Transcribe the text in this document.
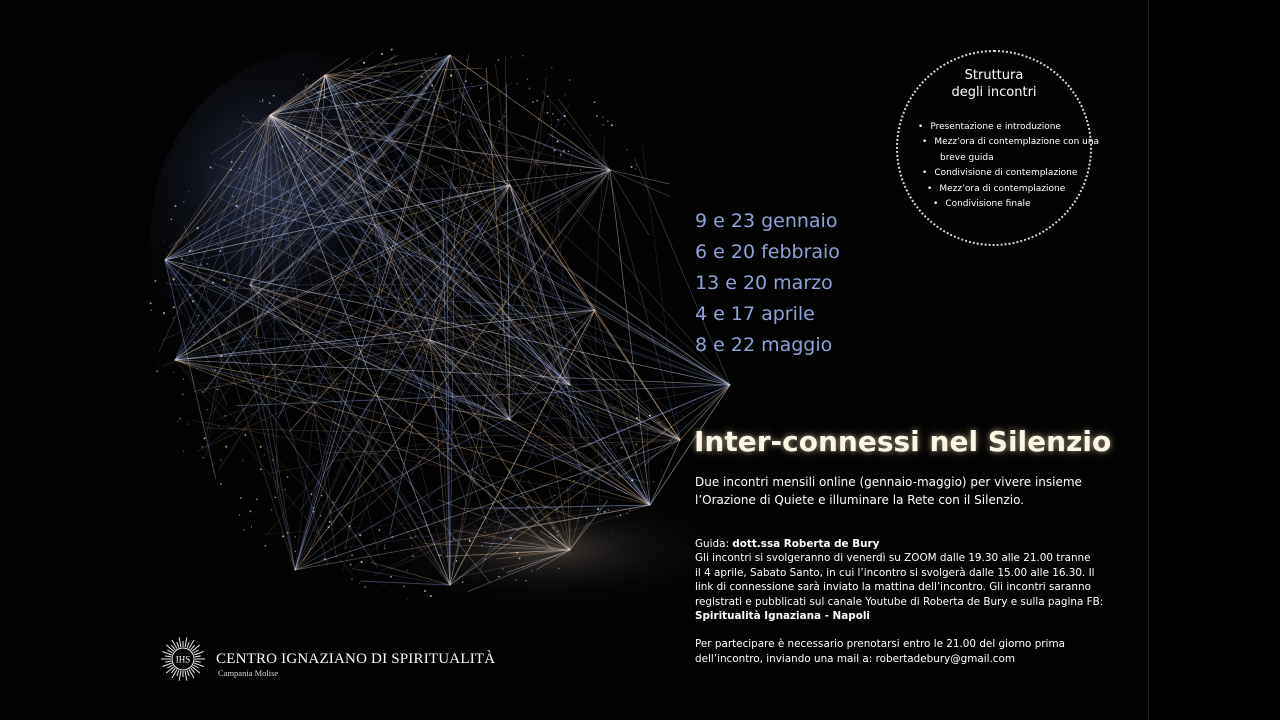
Struttura
degli incontri
• Presentazione e introduzione
• Mezz’ora di contemplazione con una
breve guida
• Condivisione di contemplazione
• Mezz’ora di contemplazione
• Condivisione finale
9 e 23 gennaio
6 e 20 febbraio
13 e 20 marzo
4 e 17 aprile
8 e 22 maggio
Inter-connessi nel Silenzio
Due incontri mensili online (gennaio-maggio) per vivere insieme
l’Orazione di Quiete e illuminare la Rete con il Silenzio.
Guida: dott.ssa Roberta de Bury
Gli incontri si svolgeranno di venerdì su ZOOM dalle 19.30 alle 21.00 tranne
il 4 aprile, Sabato Santo, in cui l’incontro si svolgerà dalle 15.00 alle 16.30. Il
link di connessione sarà inviato la mattina dell’incontro. Gli incontri saranno
registrati e pubblicati sul canale Youtube di Roberta de Bury e sulla pagina FB:
Spiritualità Ignaziana - Napoli
Per partecipare è necessario prenotarsi entro le 21.00 del giorno prima
dell’incontro, inviando una mail a: robertadebury@gmail.com
IHS CENTRO IGNAZIANO DI SPIRITUALITÀ
Campania Molise
